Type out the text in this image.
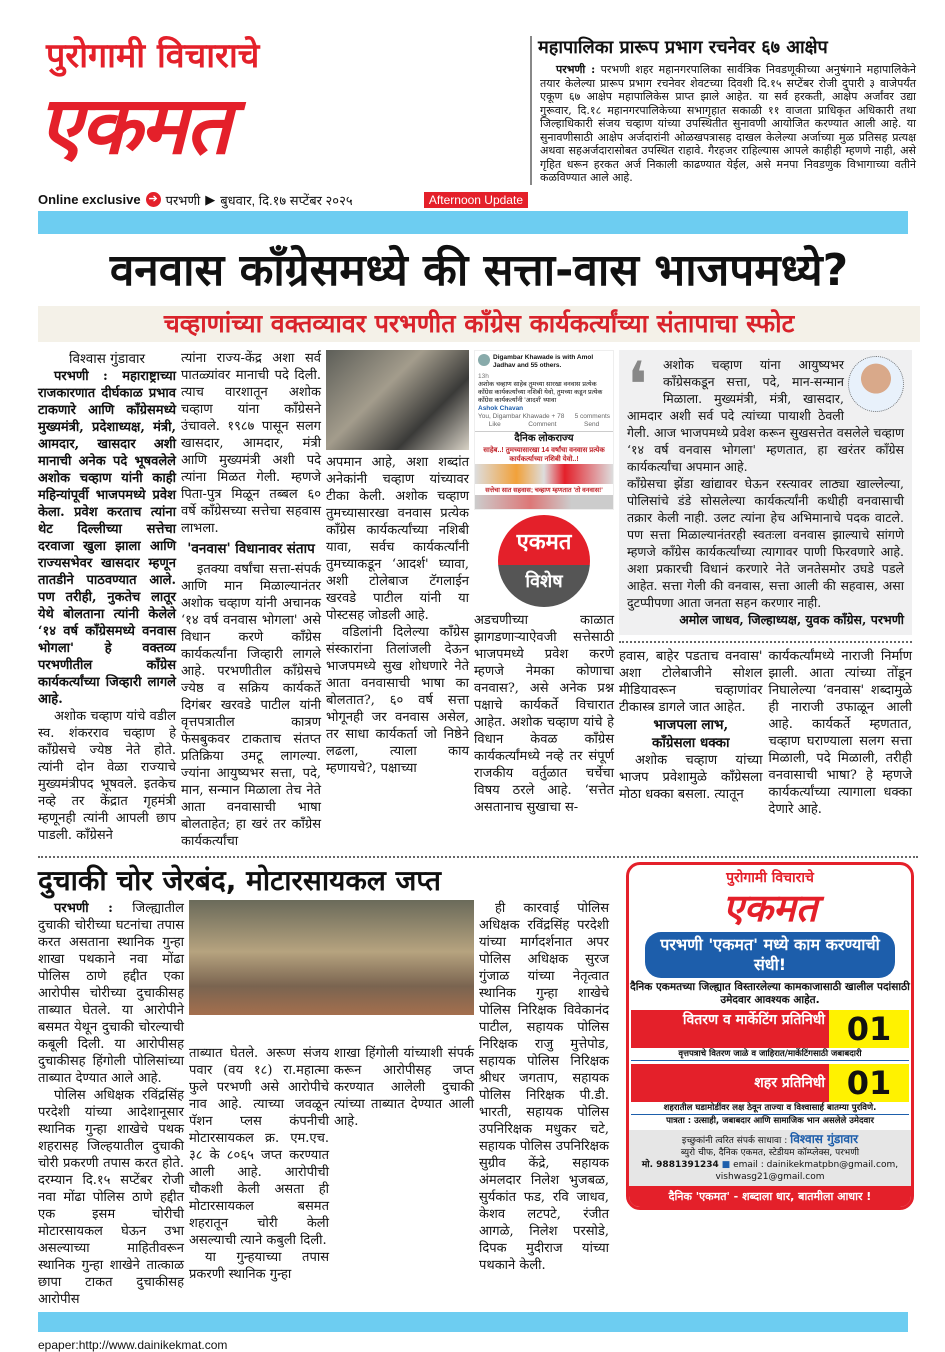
पुरोगामी विचाराचे
एकमत
महापालिका प्रारूप प्रभाग रचनेवर ६७ आक्षेप

परभणी : परभणी शहर महानगरपालिका सार्वत्रिक निवडणूकीच्या अनुषंगाने महापालिकेने तयार केलेल्या प्रारूप प्रभाग रचनेवर शेवटच्या दिवशी दि.१५ सप्टेंबर रोजी दुपारी ३ वाजेपर्यंत एकूण ६७ आक्षेप महापालिकेस प्राप्त झाले आहेत. या सर्व हरकती, आक्षेप अर्जांवर उद्या गुरूवार, दि.१८ महानगरपालिकेच्या सभागृहात सकाळी ११ वाजता प्राधिकृत अधिकारी तथा जिल्हाधिकारी संजय चव्हाण यांच्या उपस्थितीत सुनावणी आयोजित करण्यात आली आहे. या सुनावणीसाठी आक्षेप अर्जदारांनी ओळखपत्रासह दाखल केलेल्या अर्जाच्या मुळ प्रतिसह प्रत्यक्ष अथवा सहअर्जदारासोबत उपस्थित राहावे. गैरहजर राहिल्यास आपले काहीही म्हणणे नाही, असे गृहित धरून हरकत अर्ज निकाली काढण्यात येईल, असे मनपा निवडणुक विभागाच्या वतीने कळविण्यात आले आहे.

Online exclusive ➔ परभणी ▶ बुधवार, दि.१७ सप्टेंबर २०२५	Afternoon Update
वनवास काँग्रेसमध्ये की सत्ता-वास भाजपमध्ये?
चव्हाणांच्या वक्तव्यावर परभणीत काँग्रेस कार्यकर्त्यांच्या संतापाचा स्फोट
विश्वास गुंडावार

परभणी : महाराष्ट्राच्या राजकारणात दीर्घकाळ प्रभाव टाकणारे आणि काँग्रेसमध्ये मुख्यमंत्री, प्रदेशाध्यक्ष, मंत्री, आमदार, खासदार अशी मानाची अनेक पदे भूषवलेले अशोक चव्हाण यांनी काही महिन्यांपूर्वी भाजपमध्ये प्रवेश केला. प्रवेश करताच त्यांना थेट दिल्लीच्या सत्तेचा दरवाजा खुला झाला आणि राज्यसभेवर खासदार म्हणून तातडीने पाठवण्यात आले. पण तरीही, नुकतेच लातूर येथे बोलताना त्यांनी केलेले ‘१४ वर्ष काँग्रेसमध्ये वनवास भोगला' हे वक्तव्य परभणीतील काँग्रेस कार्यकर्त्यांच्या जिव्हारी लागले आहे.

अशोक चव्हाण यांचे वडील स्व. शंकरराव चव्हाण हे काँग्रेसचे ज्येष्ठ नेते होते. त्यांनी दोन वेळा राज्याचे मुख्यमंत्रीपद भूषवले. इतकेच नव्हे तर केंद्रात गृहमंत्री म्हणूनही त्यांनी आपली छाप पाडली. काँग्रेसने

त्यांना राज्य-केंद्र अशा सर्व पातळ्यांवर मानाची पदे दिली. त्याच वारशातून अशोक चव्हाण यांना काँग्रेसने उंचावले. १९८७ पासून सलग खासदार, आमदार, मंत्री आणि मुख्यमंत्री अशी पदे त्यांना मिळत गेली. म्हणजे पिता-पुत्र मिळून तब्बल ६० वर्षे काँग्रेसच्या सत्तेचा सहवास लाभला.

'वनवास' विधानावर संताप

इतक्या वर्षांचा सत्ता-संपर्क आणि मान मिळाल्यानंतर अशोक चव्हाण यांनी अचानक ‘१४ वर्ष वनवास भोगला' असे विधान करणे काँग्रेस कार्यकर्त्यांना जिव्हारी लागले आहे. परभणीतील काँग्रेसचे ज्येष्ठ व सक्रिय कार्यकर्ते दिगंबर खरवडे पाटील यांनी वृत्तपत्रातील कात्रण फेसबुकवर टाकताच संतप्त प्रतिक्रिया उमटू लागल्या. ज्यांना आयुष्यभर सत्ता, पदे, मान, सन्मान मिळाला तेच नेते आता वनवासाची भाषा बोलताहेत; हा खरं तर काँग्रेस कार्यकर्त्यांचा

अपमान आहे, अशा शब्दांत अनेकांनी चव्हाण यांच्यावर टीका केली. अशोक चव्हाण तुमच्यासारखा वनवास प्रत्येक काँग्रेस कार्यकर्त्यांच्या नशिबी यावा, सर्वच कार्यकर्त्यांनी तुमच्याकडून ‘आदर्श' घ्यावा, अशी टोलेबाज टॅगलाईन खरवडे पाटील यांनी या पोस्टसह जोडली आहे.

वडिलांनी दिलेल्या काँग्रेस संस्कारांना तिलांजली देऊन भाजपमध्ये सुख शोधणारे नेते आता वनवासाची भाषा का बोलतात?, ६० वर्ष सत्ता भोगूनही जर वनवास असेल, तर साधा कार्यकर्ता जो निष्ठेने लढला, त्याला काय म्हणायचे?, पक्षाच्या

Digambar Khawade is with Amol Jadhav and 55 others.
13h
अशोक चव्हाण साहेब तुमच्या सारखा वनवास प्रत्येक काँग्रेस कार्यकर्त्यांच्या नशिबी येवो, तुमच्या कडून प्रत्येक काँग्रेस कार्यकर्त्यांनी 'आदर्श' घ्यावा
Ashok Chavan
You, Digambar Khawade + 78 5 comments
Like	Comment	Send
दैनिक लोकराज्य
साहेब..! तुमच्यासारखा 14 वर्षांचा वनवास प्रत्येक कार्यकर्त्याच्या नशिबी येवो..!
सत्तेचा सात सहवास; चव्हाण म्हणतात 'तो वनवास!'
एकमत
विशेष

अडचणीच्या काळात झागडणाऱ्याऐवजी सत्तेसाठी भाजपमध्ये प्रवेश करणे म्हणजे नेमका कोणाचा वनवास?, असे अनेक प्रश्न पक्षाचे कार्यकर्ते विचारात आहेत. अशोक चव्हाण यांचे हे विधान केवळ काँग्रेस कार्यकर्त्यांमध्ये नव्हे तर संपूर्ण राजकीय वर्तुळात चर्चेचा विषय ठरले आहे. ‘सत्तेत असतानाच सुखाचा स-

❛	अशोक चव्हाण यांना आयुष्यभर काँग्रेसकडून सत्ता, पदे, मान-सन्मान मिळाला. मुख्यमंत्री, मंत्री, खासदार, आमदार अशी सर्व पदे त्यांच्या पायाशी ठेवली गेली. आज भाजपमध्ये प्रवेश करून सुखसत्तेत वसलेले चव्हाण ‘१४ वर्ष वनवास भोगला' म्हणतात, हा खरंतर काँग्रेस कार्यकर्त्यांचा अपमान आहे.
काँग्रेसचा झेंडा खांद्यावर घेऊन रस्त्यावर लाठ्या खाल्लेल्या, पोलिसांचे डंडे सोसलेल्या कार्यकर्त्यांनी कधीही वनवासाची तक्रार केली नाही. उलट त्यांना हेच अभिमानाचे पदक वाटले. पण सत्ता मिळाल्यानंतरही स्वतःला वनवास झाल्याचे सांगणे म्हणजे काँग्रेस कार्यकर्त्यांच्या त्यागावर पाणी फिरवणारे आहे. अशा प्रकारची विधानं करणारे नेते जनतेसमोर उघडे पडले आहेत. सत्ता गेली की वनवास, सत्ता आली की सहवास, असा दुटप्पीपणा आता जनता सहन करणार नाही.
अमोल जाधव, जिल्हाध्यक्ष, युवक काँग्रेस, परभणी

हवास, बाहेर पडताच वनवास' अशा टोलेबाजीने सोशल मीडियावरून चव्हाणांवर टीकास्त्र डागले जात आहेत.

भाजपला लाभ,
काँग्रेसला धक्का

अशोक चव्हाण यांच्या भाजप प्रवेशामुळे काँग्रेसला मोठा धक्का बसला. त्यातून

कार्यकर्त्यांमध्ये नाराजी निर्माण झाली. आता त्यांच्या तोंडून निघालेल्या ‘वनवास' शब्दामुळे ही नाराजी उफाळून आली आहे. कार्यकर्ते म्हणतात, चव्हाण घराण्याला सलग सत्ता मिळाली, पदे मिळाली, तरीही वनवासाची भाषा? हे म्हणजे कार्यकर्त्यांच्या त्यागाला धक्का देणारे आहे.

दुचाकी चोर जेरबंद, मोटारसायकल जप्त

परभणी : जिल्ह्यातील दुचाकी चोरीच्या घटनांचा तपास करत असताना स्थानिक गुन्हा शाखा पथकाने नवा मोंढा पोलिस ठाणे हद्दीत एका आरोपीस चोरीच्या दुचाकीसह ताब्यात घेतले. या आरोपीने बसमत येथून दुचाकी चोरल्याची कबूली दिली. या आरोपीसह दुचाकीसह हिंगोली पोलिसांच्या ताब्यात देण्यात आले आहे.

पोलिस अधिक्षक रविंद्रसिंह परदेशी यांच्या आदेशानूसार स्थानिक गुन्हा शाखेचे पथक शहरासह जिल्हयातील दुचाकी चोरी प्रकरणी तपास करत होते. दरम्यान दि.१५ सप्टेंबर रोजी नवा मोंढा पोलिस ठाणे हद्दीत एक इसम चोरीची मोटारसायकल घेऊन उभा असल्याच्या माहितीवरून स्थानिक गुन्हा शाखेने तात्काळ छापा टाकत दुचाकीसह आरोपीस

ताब्यात घेतले. अरूण संजय पवार (वय १८) रा.महात्मा फुले परभणी असे आरोपीचे नाव आहे. त्याच्या जवळून पॅशन प्लस कंपनीची मोटारसायकल क्र. एम.एच. ३८ के ८०६५ जप्त करण्यात आली आहे. आरोपीची चौकशी केली असता ही मोटारसायकल बसमत शहरातून चोरी केली असल्याची त्याने कबुली दिली.

या गुन्हयाच्या तपास प्रकरणी स्थानिक गुन्हा

शाखा हिंगोली यांच्याशी संपर्क करून आरोपीसह जप्त करण्यात आलेली दुचाकी त्यांच्या ताब्यात देण्यात आली आहे.

ही कारवाई पोलिस अधिक्षक रविंद्रसिंह परदेशी यांच्या मार्गदर्शनात अपर पोलिस अधिक्षक सुरज गुंजाळ यांच्या नेतृत्वात स्थानिक गुन्हा शाखेचे पोलिस निरिक्षक विवेकानंद पाटील, सहायक पोलिस निरिक्षक राजु मुत्तेपोड, सहायक पोलिस निरिक्षक श्रीधर जगताप, सहायक पोलिस निरिक्षक पी.डी. भारती, सहायक पोलिस उपनिरिक्षक मधुकर चटे, सहायक पोलिस उपनिरिक्षक सुग्रीव केंद्रे, सहायक अंमलदार निलेश भुजबळ, सुर्यकांत फड, रवि जाधव, केशव लटपटे, रंजीत आगळे, निलेश परसोडे, दिपक मुदीराज यांच्या पथकाने केली.

पुरोगामी विचाराचे
एकमत
परभणी 'एकमत' मध्ये काम करण्याची संधी!
दैनिक एकमतच्या जिल्ह्यात विस्तारलेल्या कामकाजासाठी खालील पदांसाठी उमेदवार आवश्यक आहेत.
वितरण व मार्केटिंग प्रतिनिधी 01
वृत्तपत्राचे वितरण जाळे व जाहिरात/मार्केटिंगसाठी जबाबदारी
शहर प्रतिनिधी 01
शहरातील घडामोडींवर लक्ष ठेवून ताज्या व विश्वासार्ह बातम्या पुरविणे.
पात्रता : उत्साही, जबाबदार आणि सामाजिक भान असलेले उमेदवार
इच्छुकांनी त्वरित संपर्क साधावा : विश्वास गुंडावार
ब्युरो चीफ, दैनिक एकमत, स्टेडीयम कॉम्प्लेक्स, परभणी
मो. 9881391234 ■ email : dainikekmatpbn@gmail.com, vishwasg21@gmail.com
दैनिक 'एकमत' - शब्दाला धार, बातमीला आधार !
epaper:http://www.dainikekmat.com
